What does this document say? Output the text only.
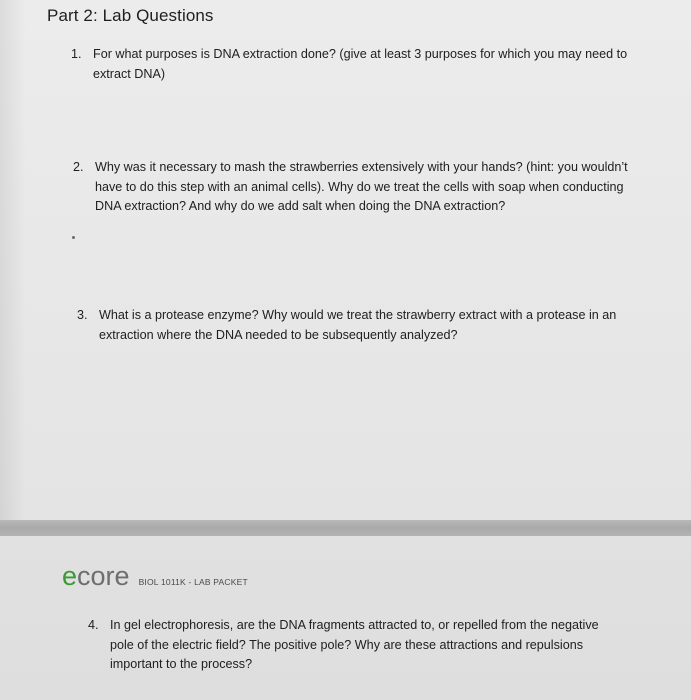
Part 2: Lab Questions
1. For what purposes is DNA extraction done? (give at least 3 purposes for which you may need to extract DNA)
2. Why was it necessary to mash the strawberries extensively with your hands? (hint: you wouldn’t have to do this step with an animal cells). Why do we treat the cells with soap when conducting DNA extraction? And why do we add salt when doing the DNA extraction?
3. What is a protease enzyme? Why would we treat the strawberry extract with a protease in an extraction where the DNA needed to be subsequently analyzed?
ecore BIOL 1011K - LAB PACKET
4. In gel electrophoresis, are the DNA fragments attracted to, or repelled from the negative pole of the electric field? The positive pole? Why are these attractions and repulsions important to the process?
